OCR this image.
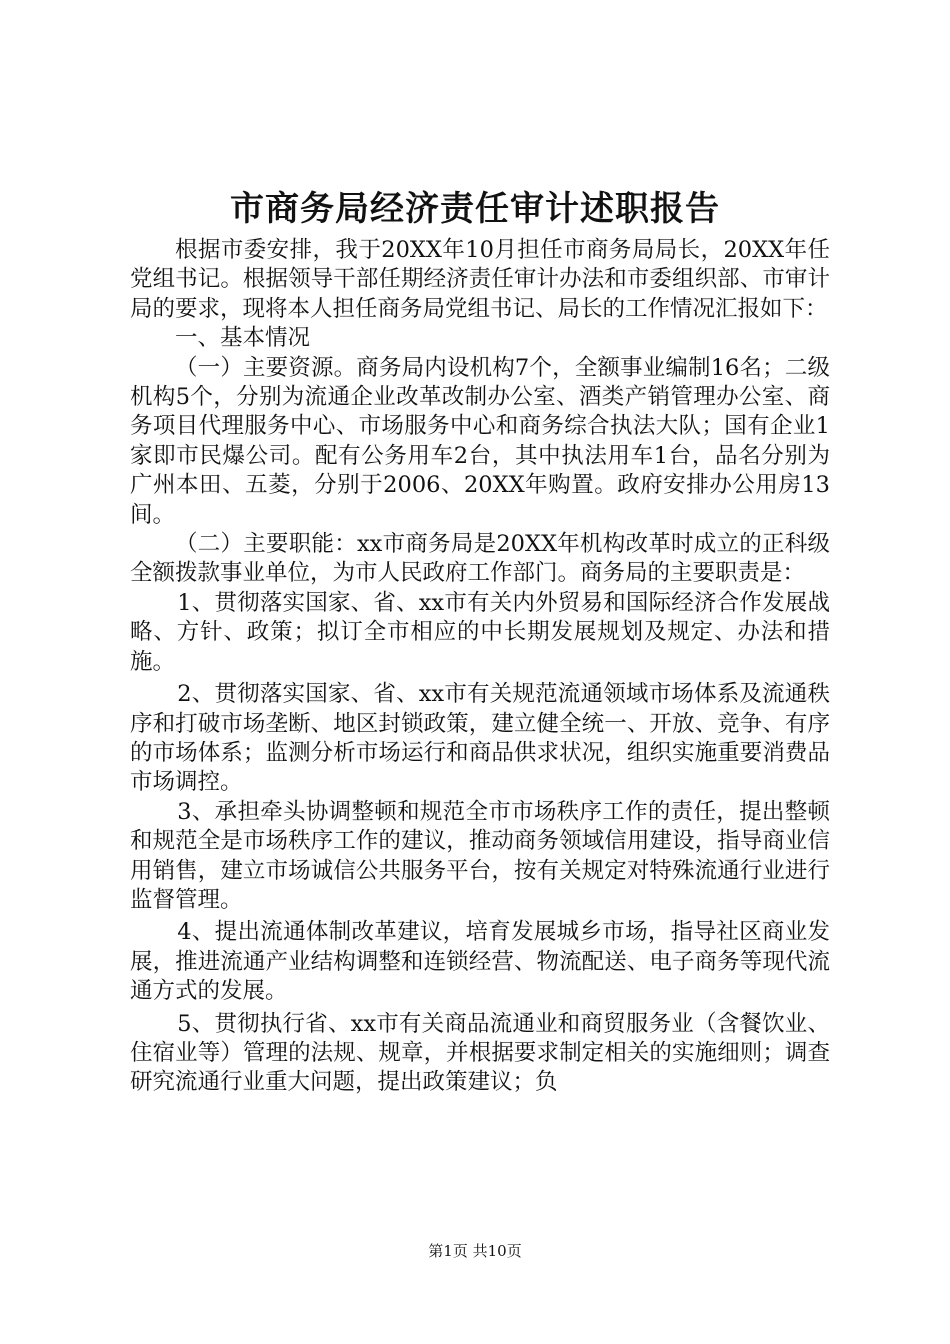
市商务局经济责任审计述职报告

根据市委安排，我于20XX年10月担任市商务局局长，20XX年任党组书记。根据领导干部任期经济责任审计办法和市委组织部、市审计局的要求，现将本人担任商务局党组书记、局长的工作情况汇报如下：

一、基本情况

（一）主要资源。商务局内设机构7个，全额事业编制16名；二级机构5个，分别为流通企业改革改制办公室、酒类产销管理办公室、商务项目代理服务中心、市场服务中心和商务综合执法大队；国有企业1家即市民爆公司。配有公务用车2台，其中执法用车1台，品名分别为广州本田、五菱，分别于2006、20XX年购置。政府安排办公用房13间。

（二）主要职能：xx市商务局是20XX年机构改革时成立的正科级全额拨款事业单位，为市人民政府工作部门。商务局的主要职责是：

1、贯彻落实国家、省、xx市有关内外贸易和国际经济合作发展战略、方针、政策；拟订全市相应的中长期发展规划及规定、办法和措施。

2、贯彻落实国家、省、xx市有关规范流通领域市场体系及流通秩序和打破市场垄断、地区封锁政策，建立健全统一、开放、竞争、有序的市场体系；监测分析市场运行和商品供求状况，组织实施重要消费品市场调控。

3、承担牵头协调整顿和规范全市市场秩序工作的责任，提出整顿和规范全是市场秩序工作的建议，推动商务领域信用建设，指导商业信用销售，建立市场诚信公共服务平台，按有关规定对特殊流通行业进行监督管理。

4、提出流通体制改革建议，培育发展城乡市场，指导社区商业发展，推进流通产业结构调整和连锁经营、物流配送、电子商务等现代流通方式的发展。

5、贯彻执行省、xx市有关商品流通业和商贸服务业（含餐饮业、住宿业等）管理的法规、规章，并根据要求制定相关的实施细则；调查研究流通行业重大问题，提出政策建议；负

第1页 共10页
